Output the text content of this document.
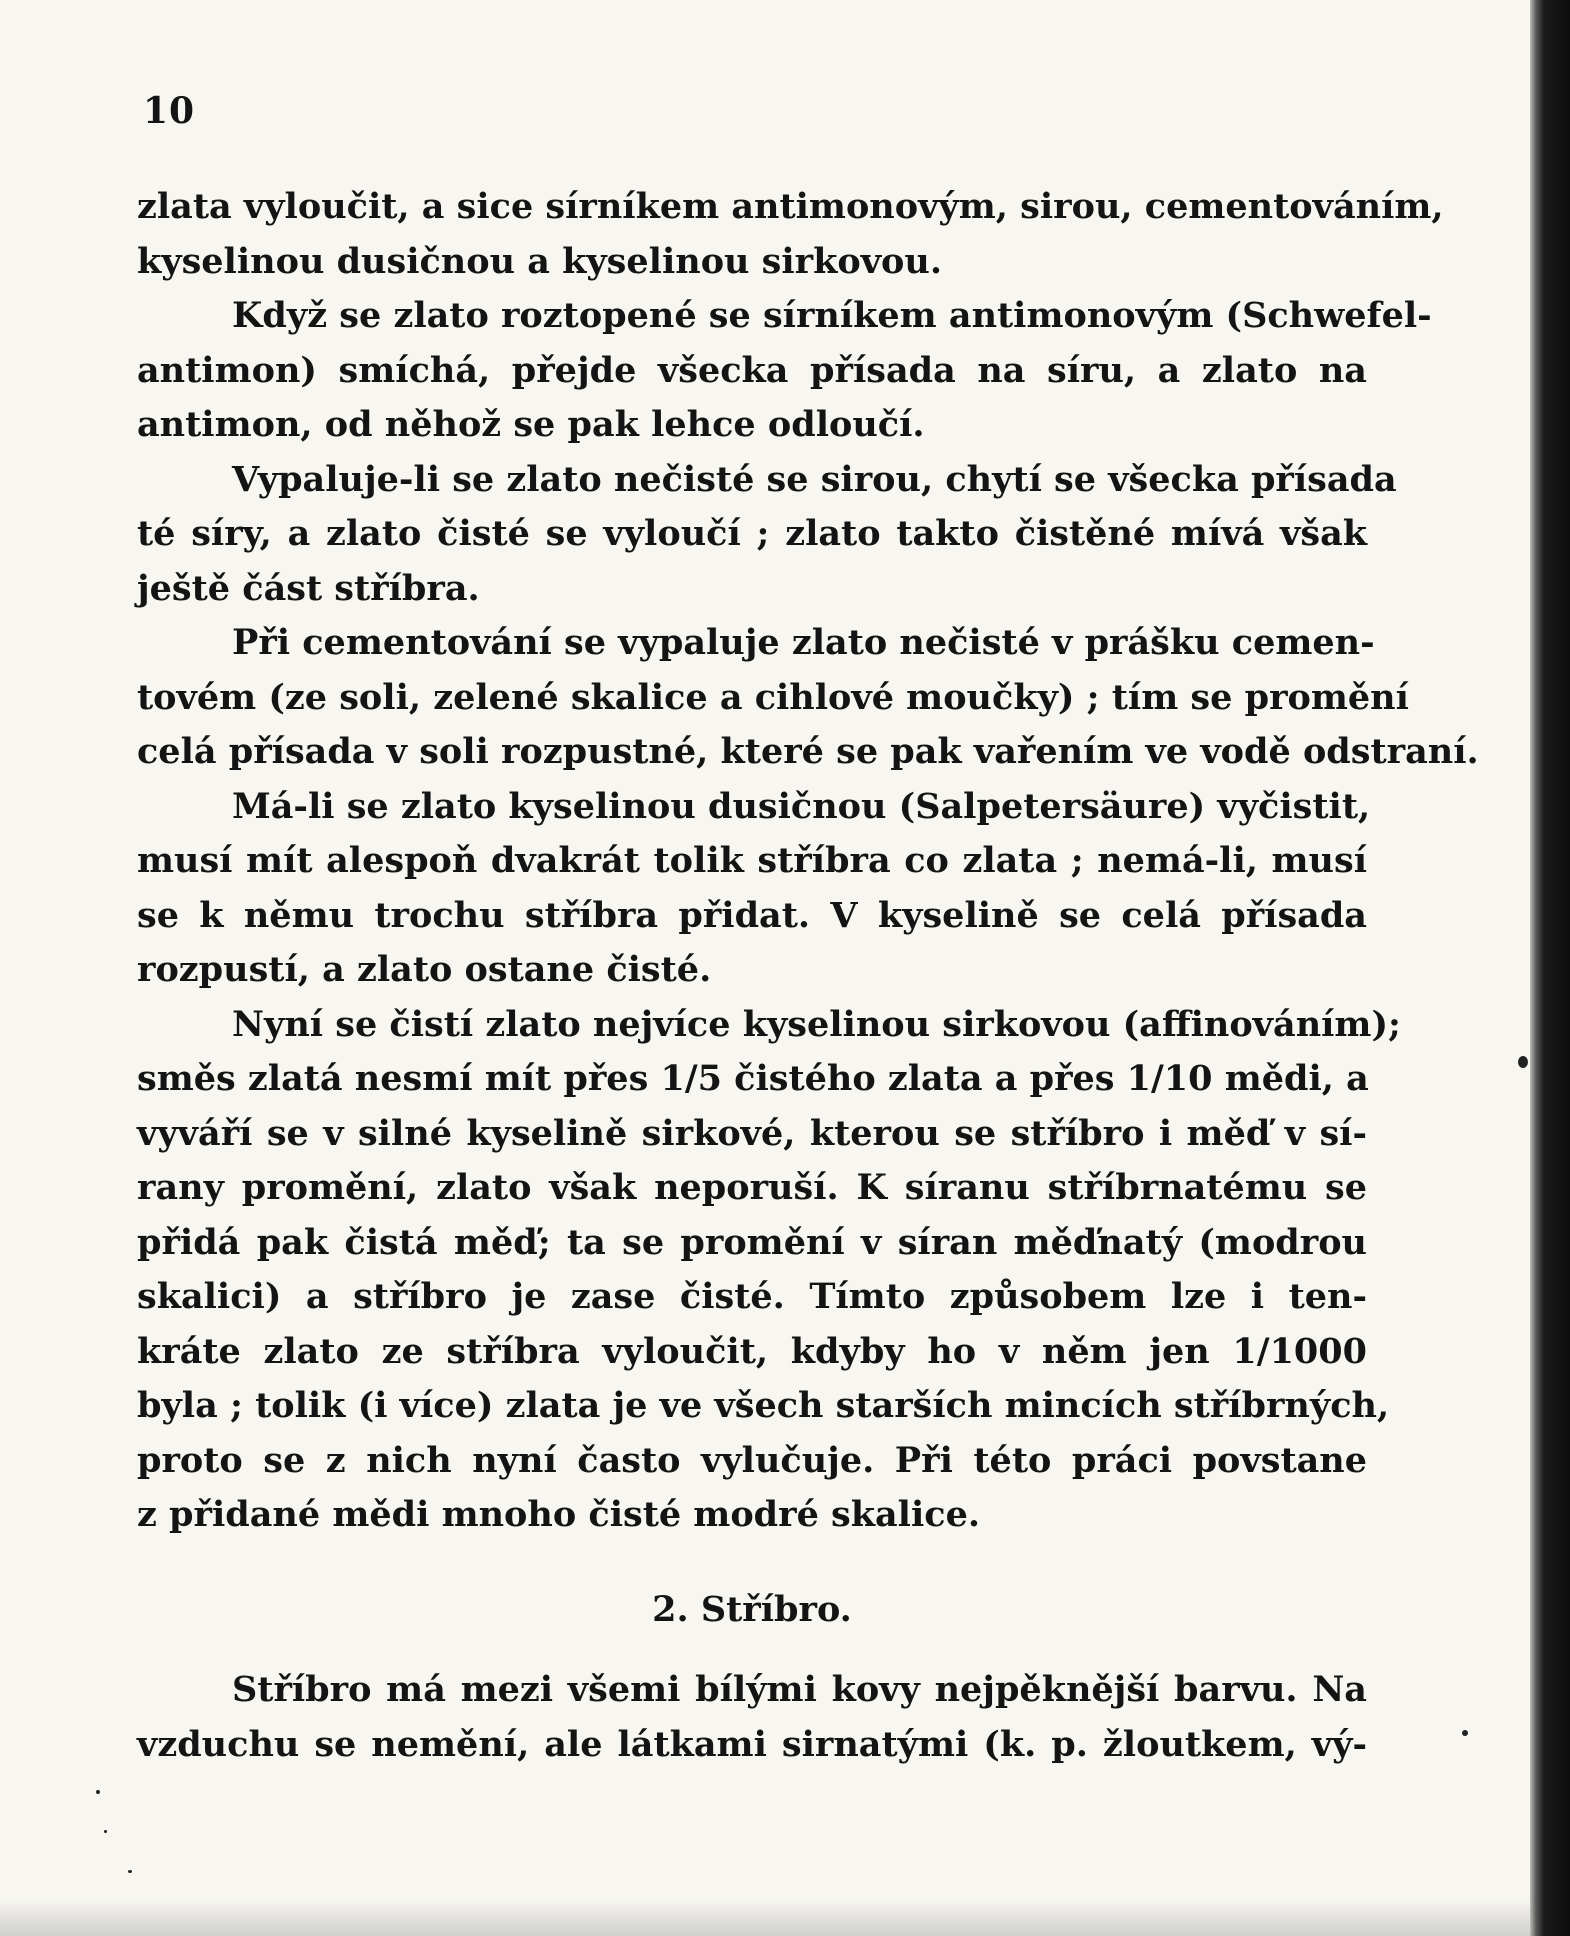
10
zlata vyloučit, a sice sírníkem antimonovým, sirou, cementováním,
kyselinou dusičnou a kyselinou sirkovou.
Když se zlato roztopené se sírníkem antimonovým (Schwefel-
antimon) smíchá, přejde všecka přísada na síru, a zlato na
antimon, od něhož se pak lehce odloučí.
Vypaluje-li se zlato nečisté se sirou, chytí se všecka přísada
té síry, a zlato čisté se vyloučí ; zlato takto čistěné mívá však
ještě část stříbra.
Při cementování se vypaluje zlato nečisté v prášku cemen-
tovém (ze soli, zelené skalice a cihlové moučky) ; tím se promění
celá přísada v soli rozpustné, které se pak vařením ve vodě odstraní.
Má-li se zlato kyselinou dusičnou (Salpetersäure) vyčistit,
musí mít alespoň dvakrát tolik stříbra co zlata ; nemá-li, musí
se k němu trochu stříbra přidat. V kyselině se celá přísada
rozpustí, a zlato ostane čisté.
Nyní se čistí zlato nejvíce kyselinou sirkovou (affinováním);
směs zlatá nesmí mít přes 1/5 čistého zlata a přes 1/10 mědi, a
vyváří se v silné kyselině sirkové, kterou se stříbro i měď v sí-
rany promění, zlato však neporuší. K síranu stříbrnatému se
přidá pak čistá měď; ta se promění v síran měďnatý (modrou
skalici) a stříbro je zase čisté. Tímto způsobem lze i ten-
kráte zlato ze stříbra vyloučit, kdyby ho v něm jen 1/1000
byla ; tolik (i více) zlata je ve všech starších mincích stříbrných,
proto se z nich nyní často vylučuje. Při této práci povstane
z přidané mědi mnoho čisté modré skalice.
2. Stříbro.
Stříbro má mezi všemi bílými kovy nejpěknější barvu. Na
vzduchu se nemění, ale látkami sirnatými (k. p. žloutkem, vý-
